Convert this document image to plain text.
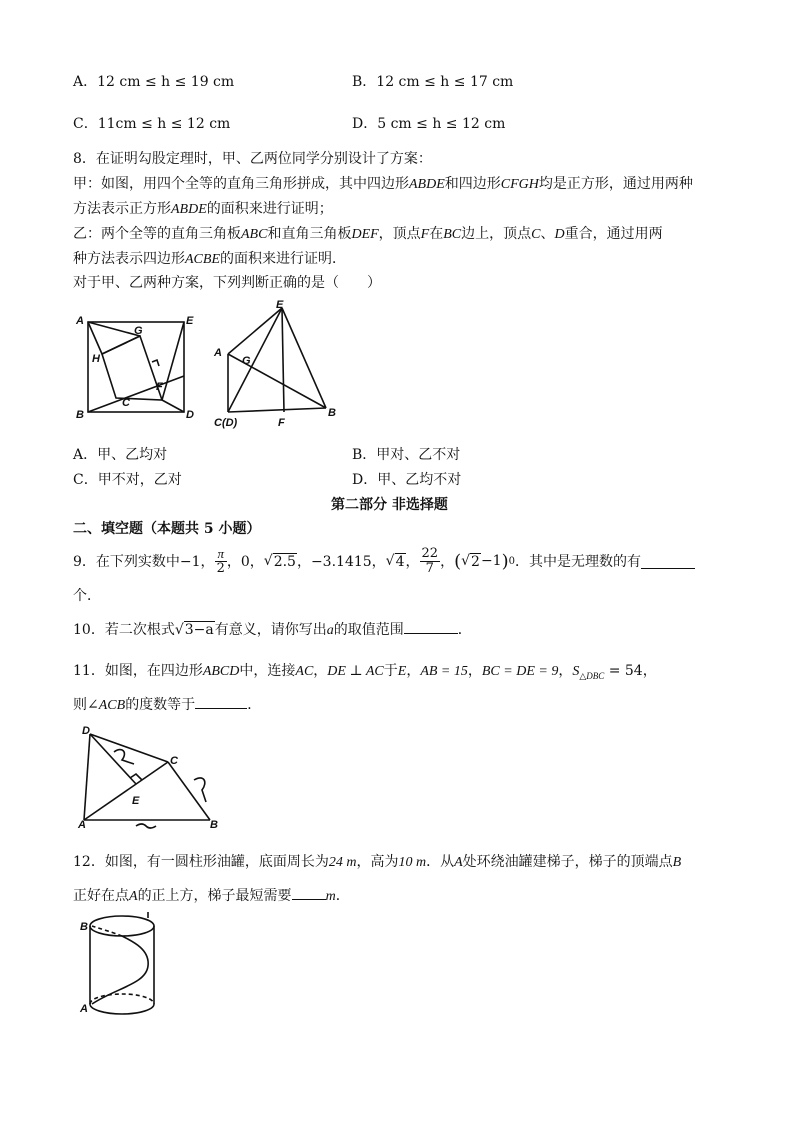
A．12 cm ≤ h ≤ 19 cm	B．12 cm ≤ h ≤ 17 cm
C．11cm ≤ h ≤ 12 cm	D．5 cm ≤ h ≤ 12 cm
8．在证明勾股定理时，甲、乙两位同学分别设计了方案：
甲：如图，用四个全等的直角三角形拼成，其中四边形ABDE和四边形CFGH均是正方形，通过用两种
方法表示正方形ABDE的面积来进行证明；
乙：两个全等的直角三角板ABC和直角三角板DEF，顶点F在BC边上，顶点C、D重合，通过用两
种方法表示四边形ACBE的面积来进行证明．
对于甲、乙两种方案，下列判断正确的是（　　）
A	E
G
H
F
C
B	D
E
A
G
B
C(D)	F
A．甲、乙均对	B．甲对、乙不对
C．甲不对，乙对	D．甲、乙均不对
第二部分 非选择题
二、填空题（本题共 5 小题）
9．在下列实数中 −1， $\frac{\pi}{2}$ ，0， √ 2.5 ，−3.1415， √ 4 ， $\frac{22}{7}$ ， ( √ 2 −1 ) 0 ．其中是无理数的有
个．
10．若二次根式√3−a有意义，请你写出a的取值范围	．
11．如图，在四边形ABCD中，连接AC，DE ⊥ AC于E，AB = 15，BC = DE = 9，$S_{\triangle DBC} = 54$，
则∠ACB的度数等于	．
D
C
E
A	B
12．如图，有一圆柱形油罐，底面周长为24 m，高为10 m．从A处环绕油罐建梯子，梯子的顶端点B
正好在点A的正上方，梯子最短需要 m．
B
A
